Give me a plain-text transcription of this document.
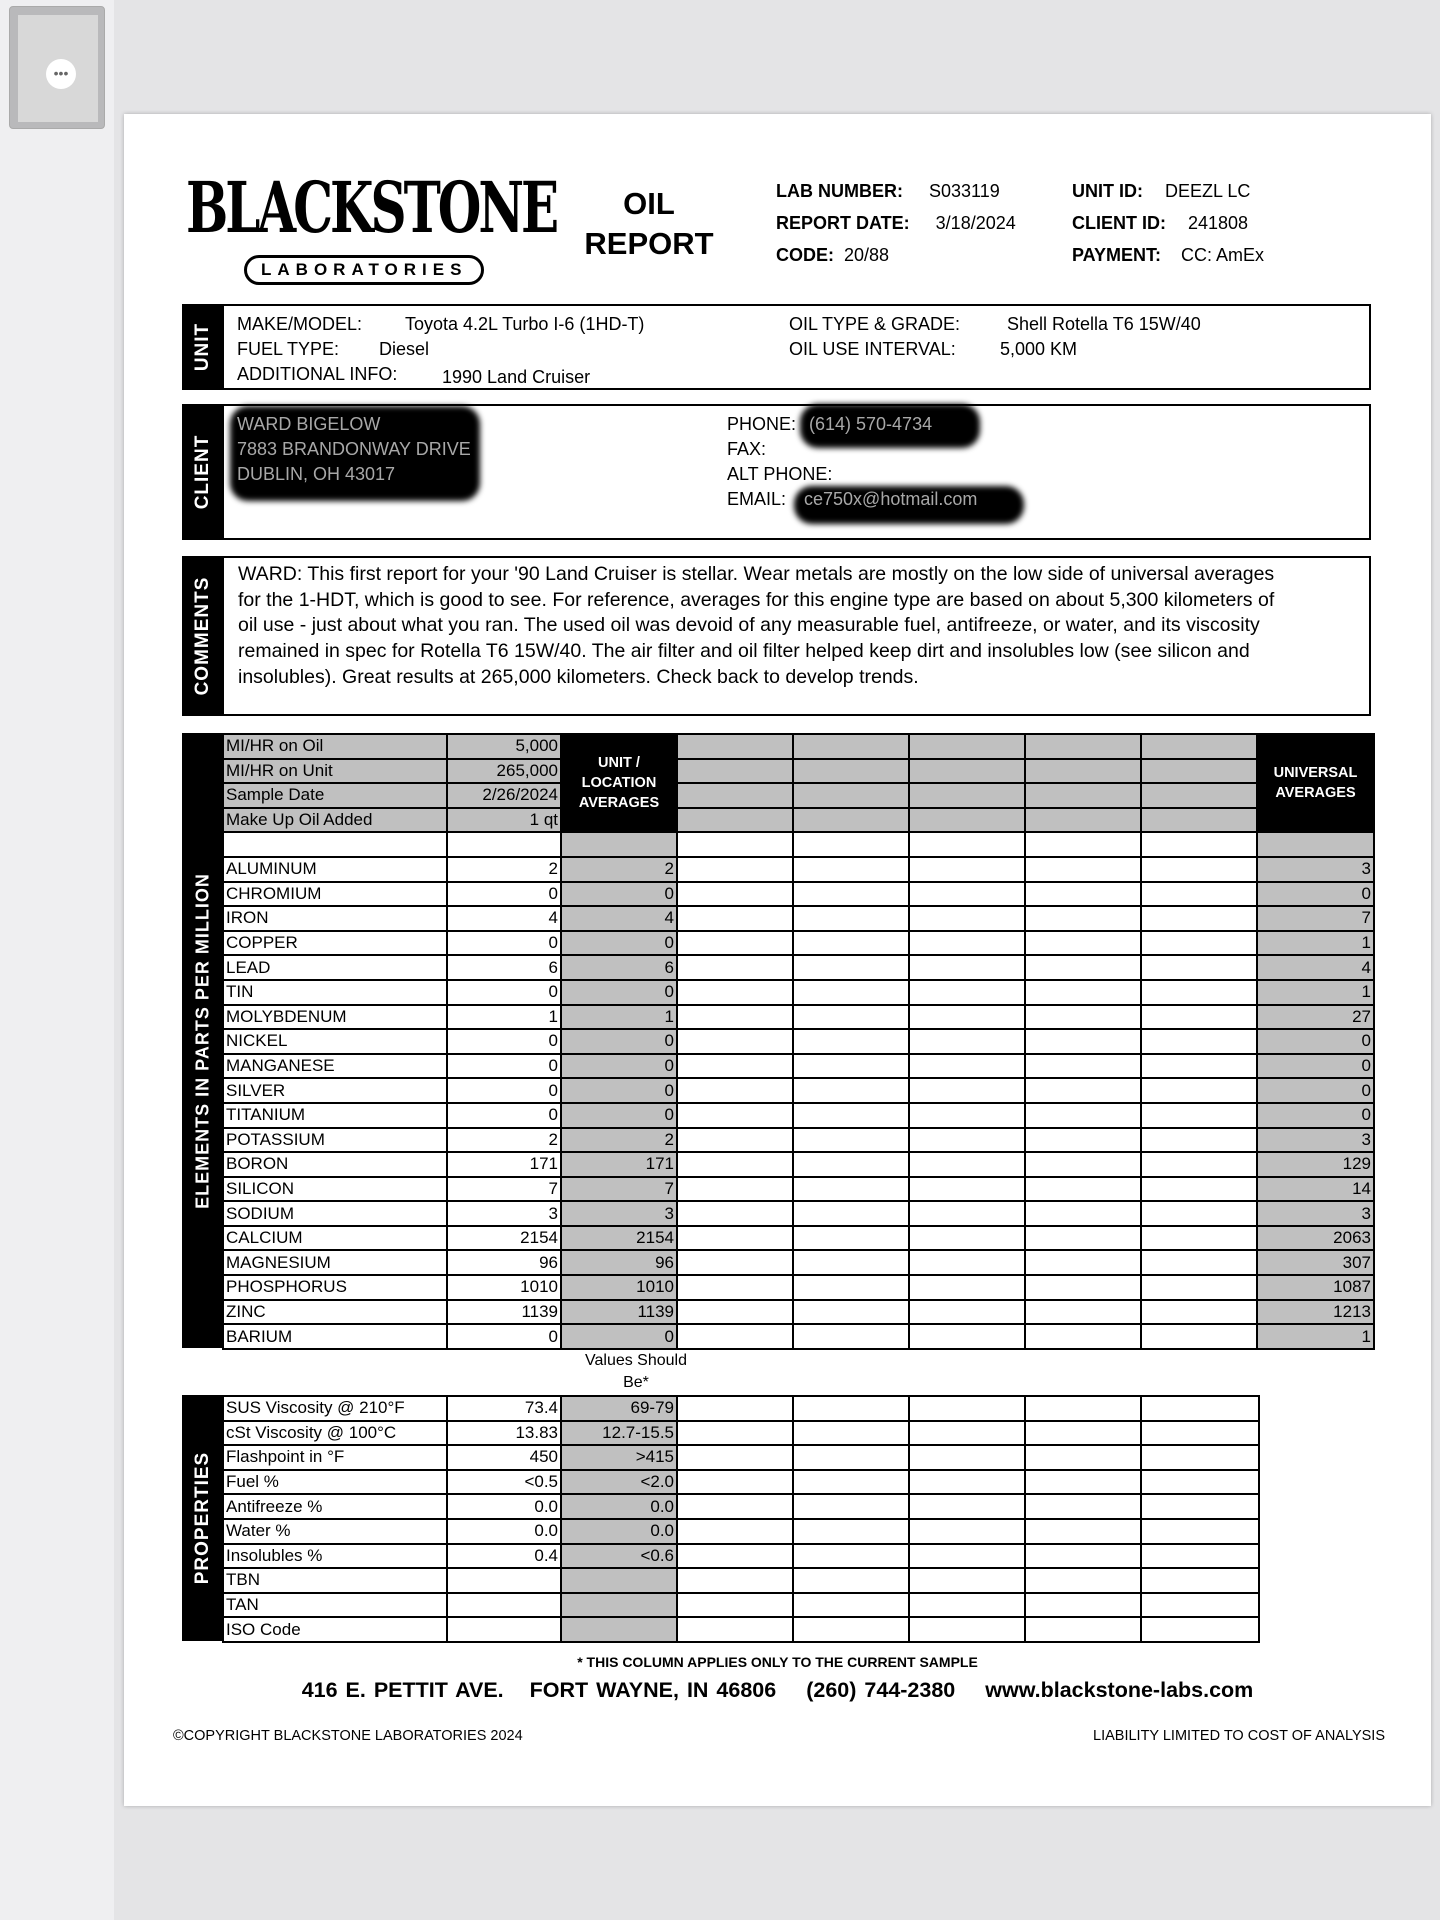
•••
BLACKSTONE
LABORATORIES
OIL
REPORT
LAB NUMBER: S033119
REPORT DATE: 3/18/2024
CODE: 20/88
UNIT ID: DEEZL LC
CLIENT ID: 241808
PAYMENT: CC: AmEx
UNIT MAKE/MODEL: Toyota 4.2L Turbo I-6 (1HD-T)
FUEL TYPE: Diesel
ADDITIONAL INFO: 1990 Land Cruiser
OIL TYPE & GRADE:	Shell Rotella T6 15W/40
OIL USE INTERVAL: 5,000 KM
CLIENT
WARD BIGELOW
7883 BRANDONWAY DRIVE
DUBLIN, OH 43017
PHONE: (614) 570-4734
FAX:
ALT PHONE:
EMAIL: ce750x@hotmail.com
COMMENTS
WARD: This first report for your '90 Land Cruiser is stellar. Wear metals are mostly on the low side of universal averages for the 1-HDT, which is good to see. For reference, averages for this engine type are based on about 5,300 kilometers of oil use - just about what you ran. The used oil was devoid of any measurable fuel, antifreeze, or water, and its viscosity remained in spec for Rotella T6 15W/40. The air filter and oil filter helped keep dirt and insolubles low (see silicon and insolubles). Great results at 265,000 kilometers. Check back to develop trends.
ELEMENTS IN PARTS PER MILLION
MI/HR on Oil	5,000	UNIT / LOCATION AVERAGES						UNIVERSAL AVERAGES
MI/HR on Unit	265,000							
Sample Date	2/26/2024							
Make Up Oil Added	1 qt							

ALUMINUM	2	2						3
CHROMIUM	0	0						0
IRON	4	4						7
COPPER	0	0						1
LEAD	6	6						4
TIN	0	0						1
MOLYBDENUM	1	1						27
NICKEL	0	0						0
MANGANESE	0	0						0
SILVER	0	0						0
TITANIUM	0	0						0
POTASSIUM	2	2						3
BORON	171	171						129
SILICON	7	7						14
SODIUM	3	3						3
CALCIUM	2154	2154						2063
MAGNESIUM	96	96						307
PHOSPHORUS	1010	1010						1087
ZINC	1139	1139						1213
BARIUM	0	0						1
Values Should Be*
PROPERTIES
SUS Viscosity @ 210°F	73.4	69-79					
cSt Viscosity @ 100°C	13.83	12.7-15.5					
Flashpoint in °F	450	>415					
Fuel %	<0.5	<2.0					
Antifreeze %	0.0	0.0					
Water %	0.0	0.0					
Insolubles %	0.4	<0.6					
TBN							
TAN							
ISO Code							
* THIS COLUMN APPLIES ONLY TO THE CURRENT SAMPLE
416 E. PETTIT AVE. FORT WAYNE, IN 46806 (260) 744-2380 www.blackstone-labs.com
©COPYRIGHT BLACKSTONE LABORATORIES 2024	LIABILITY LIMITED TO COST OF ANALYSIS
